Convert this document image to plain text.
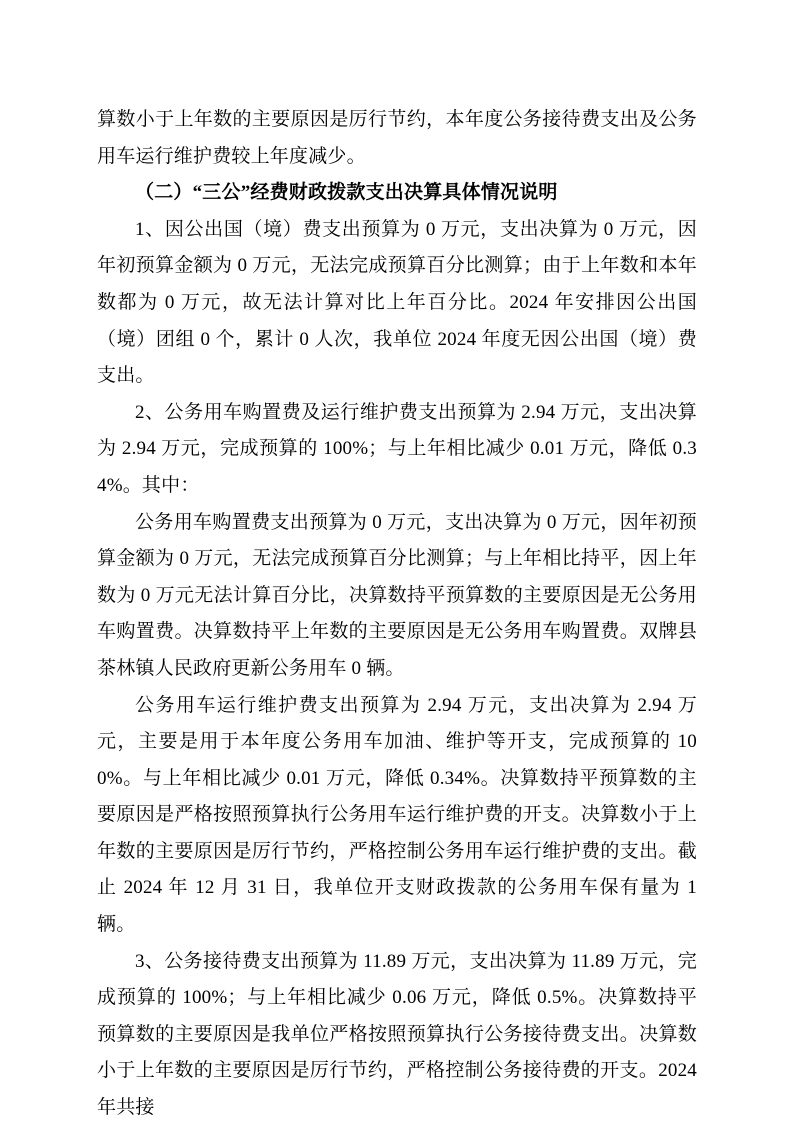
算数小于上年数的主要原因是厉行节约，本年度公务接待费支出及公务用车运行维护费较上年度减少。

（二）“三公”经费财政拨款支出决算具体情况说明

1、因公出国（境）费支出预算为 0 万元，支出决算为 0 万元，因年初预算金额为 0 万元，无法完成预算百分比测算；由于上年数和本年数都为 0 万元，故无法计算对比上年百分比。2024 年安排因公出国（境）团组 0 个，累计 0 人次，我单位 2024 年度无因公出国（境）费支出。

2、公务用车购置费及运行维护费支出预算为 2.94 万元，支出决算为 2.94 万元，完成预算的 100%；与上年相比减少 0.01 万元，降低 0.34%。其中：

公务用车购置费支出预算为 0 万元，支出决算为 0 万元，因年初预算金额为 0 万元，无法完成预算百分比测算；与上年相比持平，因上年数为 0 万元无法计算百分比，决算数持平预算数的主要原因是无公务用车购置费。决算数持平上年数的主要原因是无公务用车购置费。双牌县茶林镇人民政府更新公务用车 0 辆。

公务用车运行维护费支出预算为 2.94 万元，支出决算为 2.94 万元，主要是用于本年度公务用车加油、维护等开支，完成预算的 100%。与上年相比减少 0.01 万元，降低 0.34%。决算数持平预算数的主要原因是严格按照预算执行公务用车运行维护费的开支。决算数小于上年数的主要原因是厉行节约，严格控制公务用车运行维护费的支出。截止 2024 年 12 月 31 日，我单位开支财政拨款的公务用车保有量为 1 辆。

3、公务接待费支出预算为 11.89 万元，支出决算为 11.89 万元，完成预算的 100%；与上年相比减少 0.06 万元，降低 0.5%。决算数持平预算数的主要原因是我单位严格按照预算执行公务接待费支出。决算数小于上年数的主要原因是厉行节约，严格控制公务接待费的开支。2024 年共接
